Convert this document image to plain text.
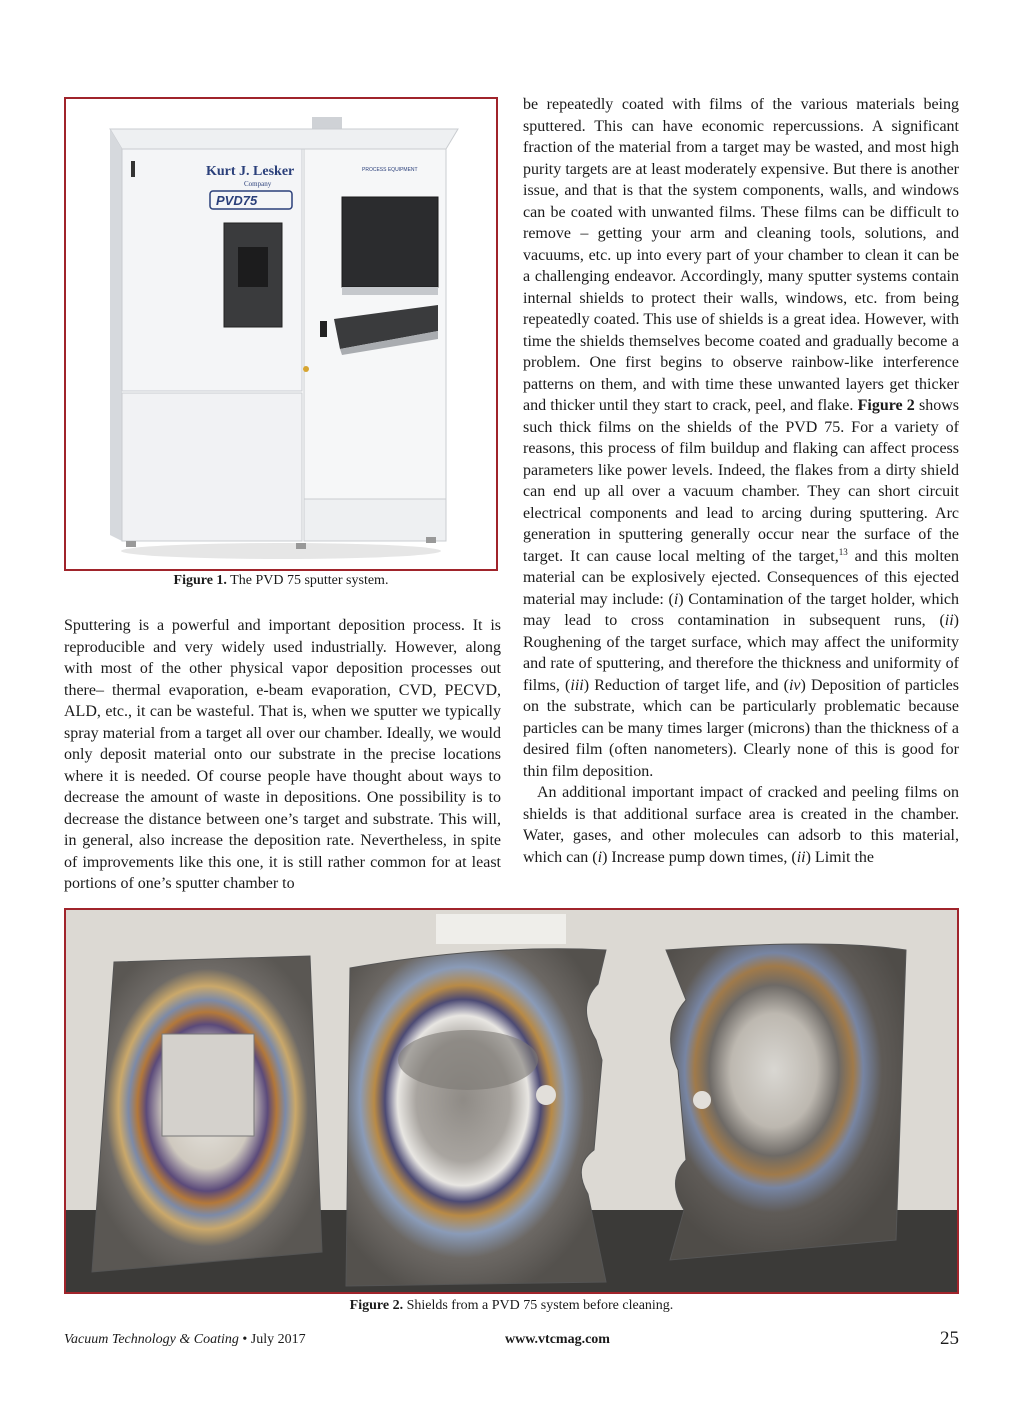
Kurt J. Lesker
Company
PVD75
PROCESS EQUIPMENT
Figure 1. The PVD 75 sputter system.

Sputtering is a powerful and important deposition process. It is reproducible and very widely used industrially. However, along with most of the other physical vapor deposition processes out there– thermal evaporation, e-beam evaporation, CVD, PECVD, ALD, etc., it can be wasteful. That is, when we sputter we typically spray material from a target all over our chamber. Ideally, we would only deposit material onto our substrate in the precise locations where it is needed. Of course people have thought about ways to decrease the amount of waste in depositions. One possibility is to decrease the distance between one’s target and substrate. This will, in general, also increase the deposition rate. Nevertheless, in spite of improvements like this one, it is still rather common for at least portions of one’s sputter chamber to

be repeatedly coated with films of the various materials being sputtered. This can have economic repercussions. A significant fraction of the material from a target may be wasted, and most high purity targets are at least moderately expensive. But there is another issue, and that is that the system components, walls, and windows can be coated with unwanted films. These films can be difficult to remove – getting your arm and cleaning tools, solutions, and vacuums, etc. up into every part of your chamber to clean it can be a challenging endeavor. Accordingly, many sputter systems contain internal shields to protect their walls, windows, etc. from being repeatedly coated. This use of shields is a great idea. However, with time the shields themselves become coated and gradually become a problem. One first begins to observe rainbow-like interference patterns on them, and with time these unwanted layers get thicker and thicker until they start to crack, peel, and flake. Figure 2 shows such thick films on the shields of the PVD 75. For a variety of reasons, this process of film buildup and flaking can affect process parameters like power levels. Indeed, the flakes from a dirty shield can end up all over a vacuum chamber. They can short circuit electrical components and lead to arcing during sputtering. Arc generation in sputtering generally occur near the surface of the target. It can cause local melting of the target,$^{13}$ and this molten material can be explosively ejected. Consequences of this ejected material may include: (i) Contamination of the target holder, which may lead to cross contamination in subsequent runs, (ii) Roughening of the target surface, which may affect the uniformity and rate of sputtering, and therefore the thickness and uniformity of films, (iii) Reduction of target life, and (iv) Deposition of particles on the substrate, which can be particularly problematic because particles can be many times larger (microns) than the thickness of a desired film (often nanometers). Clearly none of this is good for thin film deposition.

An additional important impact of cracked and peeling films on shields is that additional surface area is created in the chamber. Water, gases, and other molecules can adsorb to this material, which can (i) Increase pump down times, (ii) Limit the

Figure 2. Shields from a PVD 75 system before cleaning.
Vacuum Technology & Coating • July 2017	www.vtcmag.com	25
